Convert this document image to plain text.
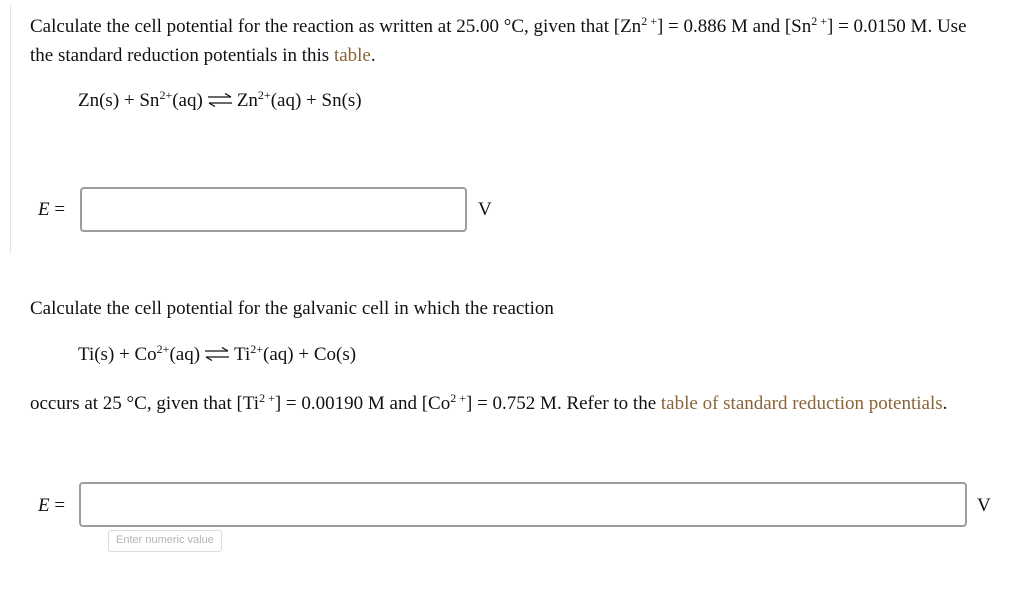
Calculate the cell potential for the reaction as written at 25.00 °C, given that $[Zn^{2 +}] = 0.886$ M and $[Sn^{2 +}] = 0.0150$ M. Use
the standard reduction potentials in this table.

$Zn(s) + Sn^{2+}(aq)$ ⇌ $Zn^{2+}(aq) + Sn(s)$
E =	V

Calculate the cell potential for the galvanic cell in which the reaction

$Ti(s) + Co^{2+}(aq)$ ⇌ $Ti^{2+}(aq) + Co(s)$

occurs at 25 °C, given that $[Ti^{2 +}] = 0.00190$ M and $[Co^{2 +}] = 0.752$ M. Refer to the table of standard reduction potentials.

E =	V
Enter numeric value
